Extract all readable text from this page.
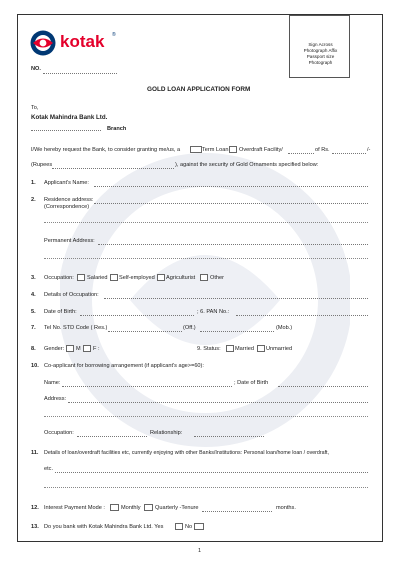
kotak ®
NO.
Sign Across Photograph Affix Passport size Photograph
GOLD LOAN APPLICATION FORM
To,
Kotak Mahindra Bank Ltd.
Branch
I/We hereby request the Bank, to consider granting me/us, a	Term Loan Overdraft Facility/	of Rs.	/-
(Rupees	), against the security of Gold Ornaments specified below:
1. Applicant's Name:
2. Residence address:
(Correspondence)
Permanent Address:
3. Occupation: Salaried Self-employed Agriculturist	Other
4. Details of Occupation:
5. Date of Birth:	; 6. PAN No.:
7. Tel No. STD Code ( Res.)	(Off.)	(Mob.)
8. Gender: M F :	9. Status:	Married Unmarried
10. Co-applicant for borrowing arrangement (if applicant's age>=60):
Name:	; Date of Birth
Address:
Occupation:	Relationship:
11. Details of loan/overdraft facilities etc, currently enjoying with other Banks/Institutions: Personal loan/home loan / overdraft,
etc.
12. Interest Payment Mode :	Monthly	Quarterly -Tenure	months.
13. Do you bank with Kotak Mahindra Bank Ltd. Yes	No
1
